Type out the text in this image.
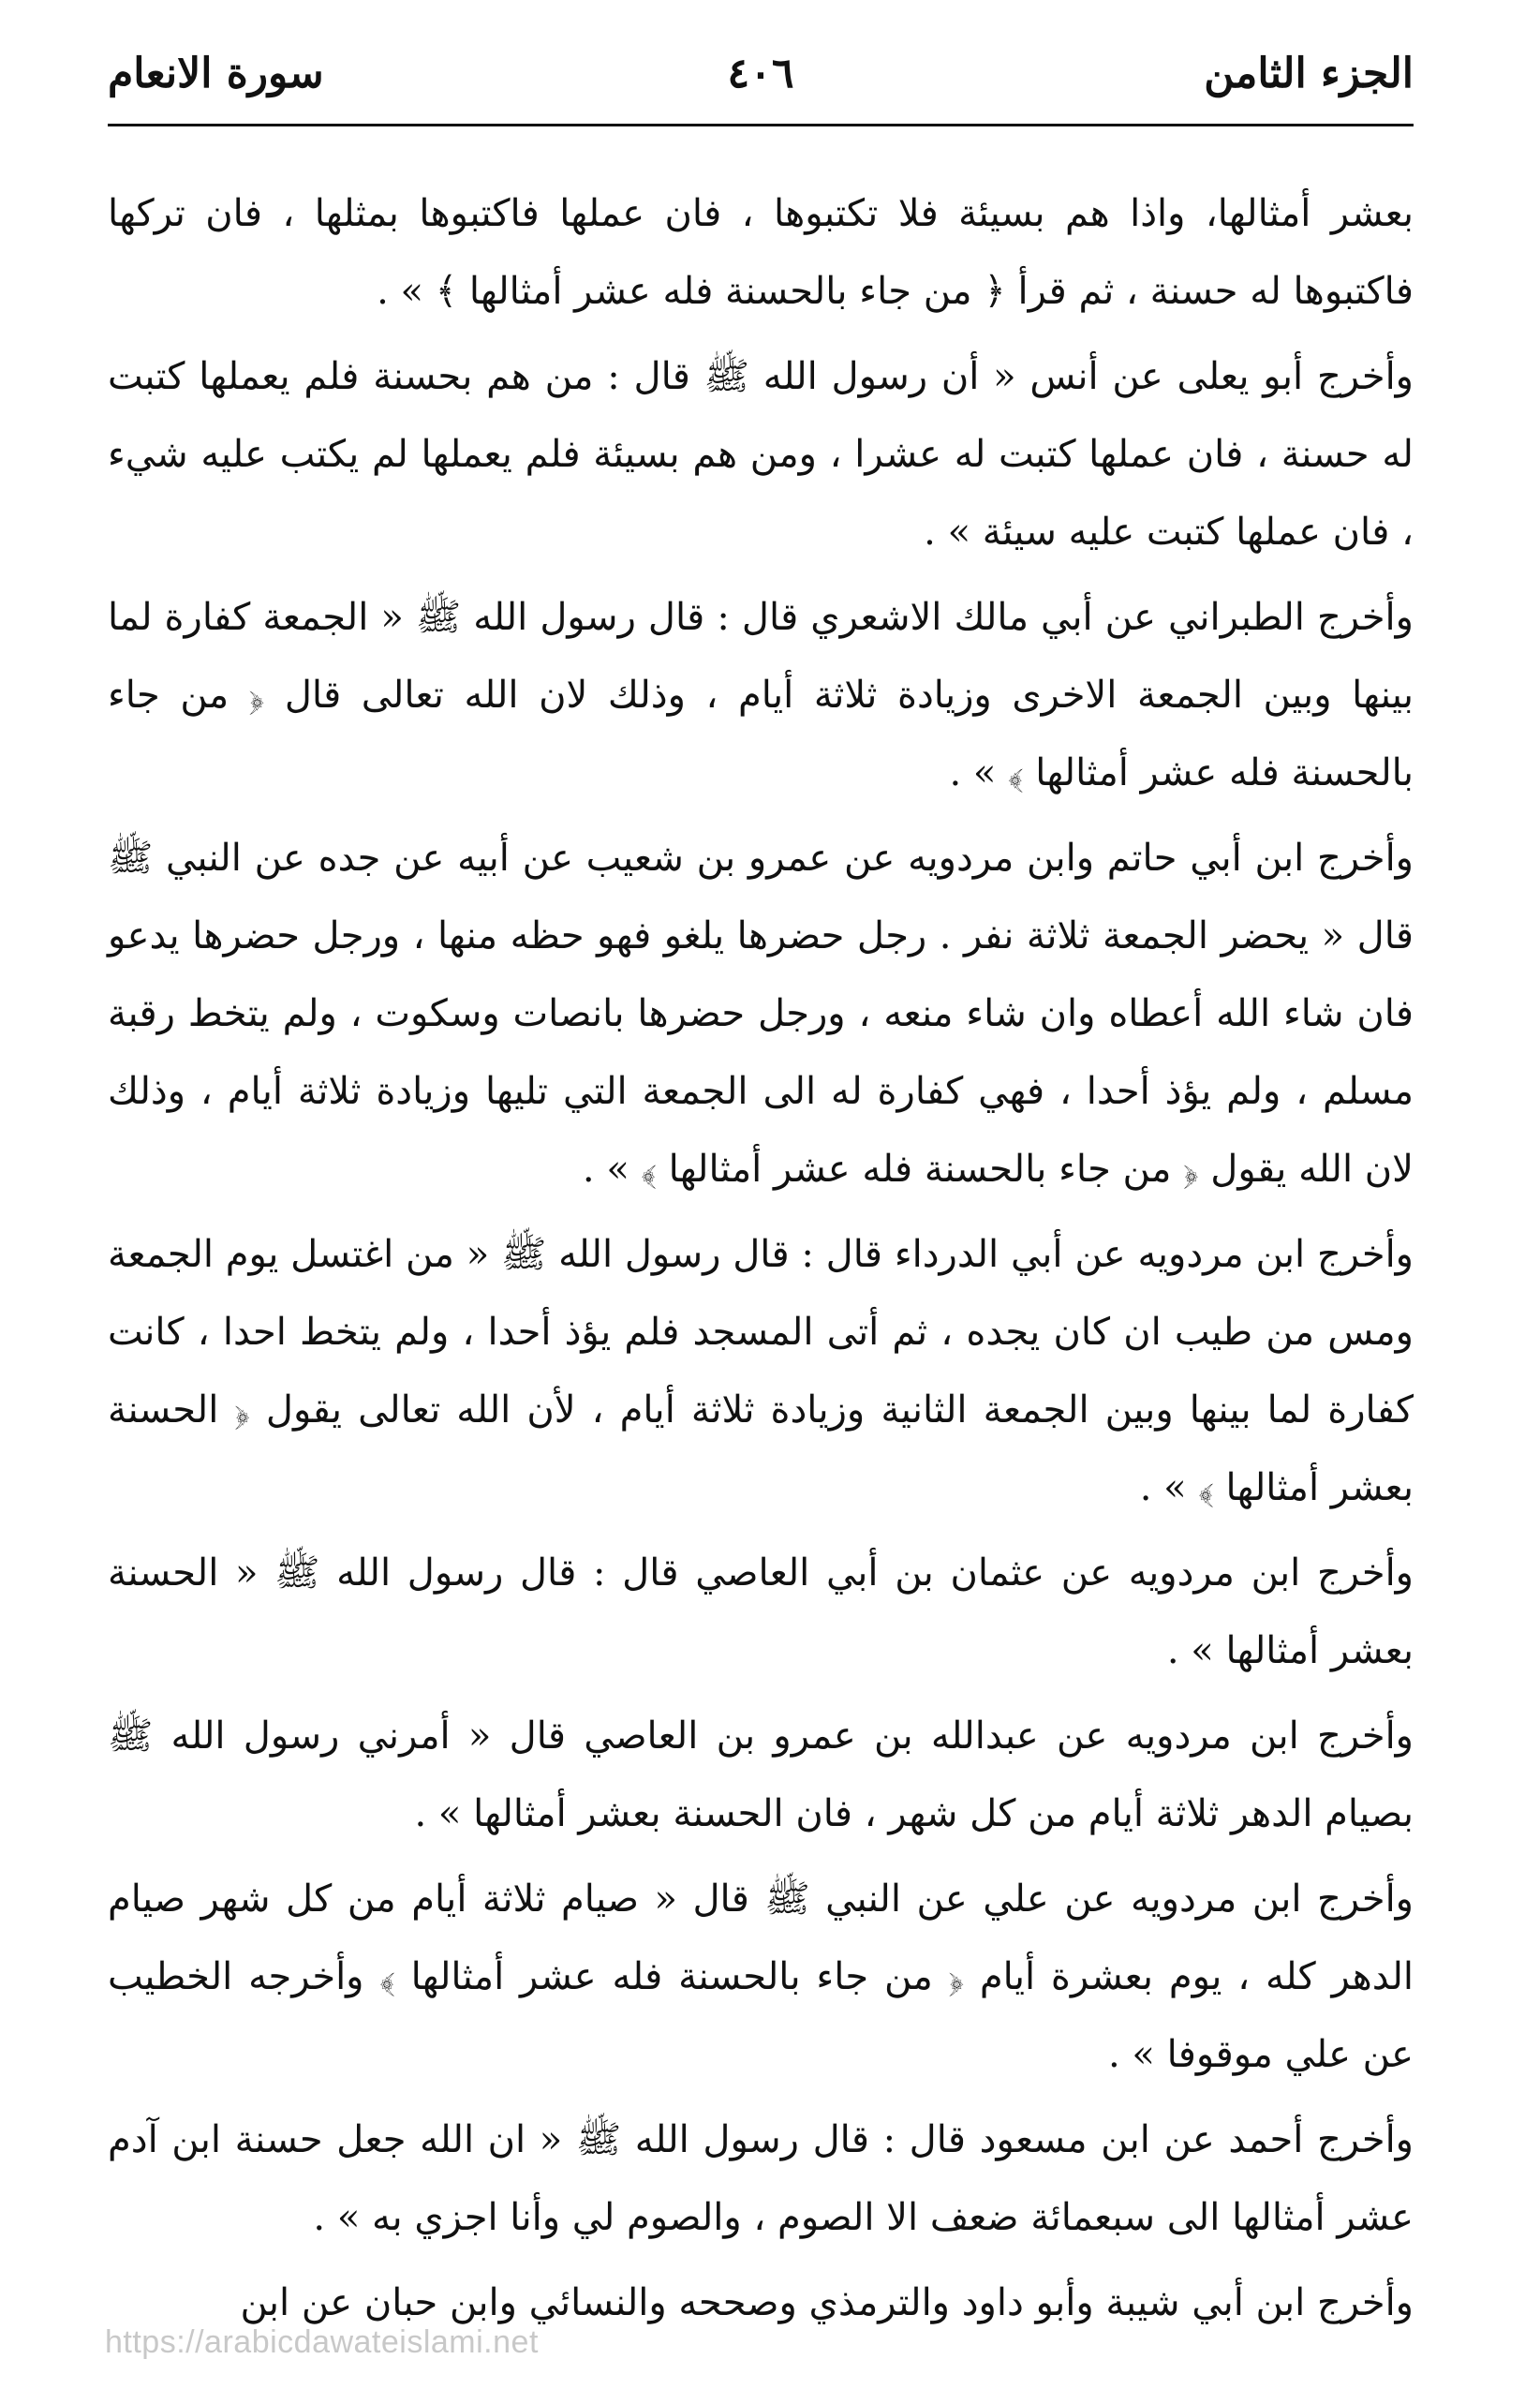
الجزء الثامن
٤٠٦
سورة الانعام

بعشر أمثالها، واذا هم بسيئة فلا تكتبوها ، فان عملها فاكتبوها بمثلها ، فان تركها فاكتبوها له حسنة ، ثم قرأ ﴿ من جاء بالحسنة فله عشر أمثالها ﴾ » .

وأخرج أبو يعلى عن أنس « أن رسول الله ﷺ قال : من هم بحسنة فلم يعملها كتبت له حسنة ، فان عملها كتبت له عشرا ، ومن هم بسيئة فلم يعملها لم يكتب عليه شيء ، فان عملها كتبت عليه سيئة » .

وأخرج الطبراني عن أبي مالك الاشعري قال : قال رسول الله ﷺ « الجمعة كفارة لما بينها وبين الجمعة الاخرى وزيادة ثلاثة أيام ، وذلك لان الله تعالى قال ﴿ من جاء بالحسنة فله عشر أمثالها ﴾ » .

وأخرج ابن أبي حاتم وابن مردويه عن عمرو بن شعيب عن أبيه عن جده عن النبي ﷺ قال « يحضر الجمعة ثلاثة نفر . رجل حضرها يلغو فهو حظه منها ، ورجل حضرها يدعو فان شاء الله أعطاه وان شاء منعه ، ورجل حضرها بانصات وسكوت ، ولم يتخط رقبة مسلم ، ولم يؤذ أحدا ، فهي كفارة له الى الجمعة التي تليها وزيادة ثلاثة أيام ، وذلك لان الله يقول ﴿ من جاء بالحسنة فله عشر أمثالها ﴾ » .

وأخرج ابن مردويه عن أبي الدرداء قال : قال رسول الله ﷺ « من اغتسل يوم الجمعة ومس من طيب ان كان يجده ، ثم أتى المسجد فلم يؤذ أحدا ، ولم يتخط احدا ، كانت كفارة لما بينها وبين الجمعة الثانية وزيادة ثلاثة أيام ، لأن الله تعالى يقول ﴿ الحسنة بعشر أمثالها ﴾ » .

وأخرج ابن مردويه عن عثمان بن أبي العاصي قال : قال رسول الله ﷺ « الحسنة بعشر أمثالها » .

وأخرج ابن مردويه عن عبدالله بن عمرو بن العاصي قال « أمرني رسول الله ﷺ بصيام الدهر ثلاثة أيام من كل شهر ، فان الحسنة بعشر أمثالها » .

وأخرج ابن مردويه عن علي عن النبي ﷺ قال « صيام ثلاثة أيام من كل شهر صيام الدهر كله ، يوم بعشرة أيام ﴿ من جاء بالحسنة فله عشر أمثالها ﴾ وأخرجه الخطيب عن علي موقوفا » .

وأخرج أحمد عن ابن مسعود قال : قال رسول الله ﷺ « ان الله جعل حسنة ابن آدم عشر أمثالها الى سبعمائة ضعف الا الصوم ، والصوم لي وأنا اجزي به » .

وأخرج ابن أبي شيبة وأبو داود والترمذي وصححه والنسائي وابن حبان عن ابن

https://arabicdawateislami.net
